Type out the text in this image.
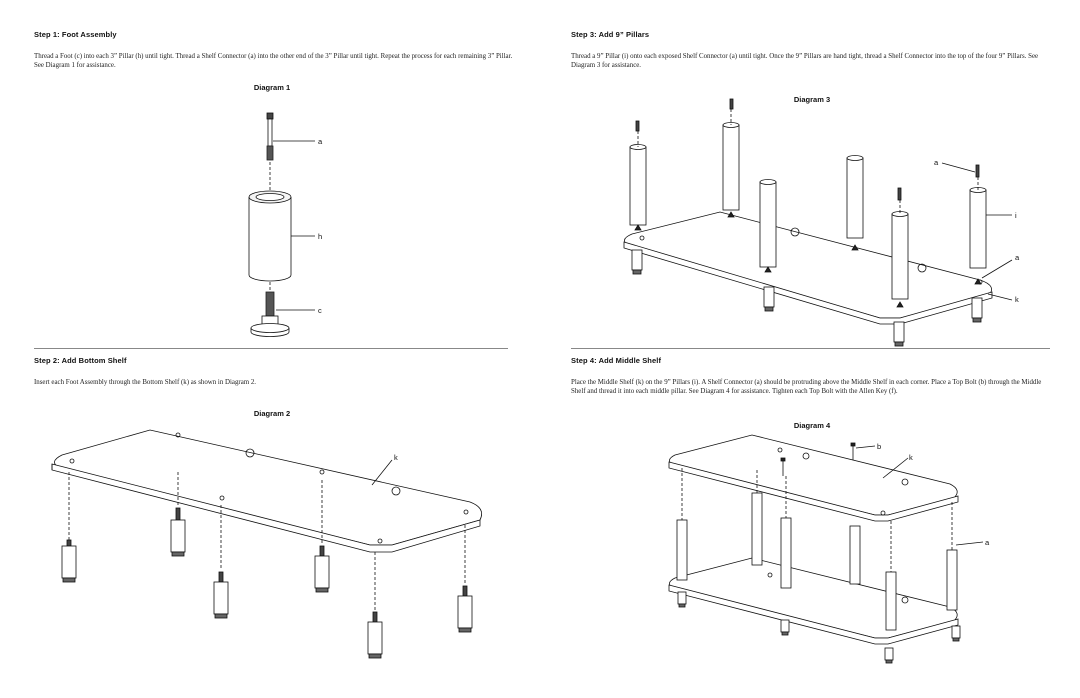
Step 1: Foot Assembly
Thread a Foot (c) into each 3” Pillar (h) until tight. Thread a Shelf Connector (a) into the other end of the 3” Pillar until tight. Repeat the process for each remaining 3” Pillar. See Diagram 1 for assistance.
Diagram 1
a
h
c
Step 2: Add Bottom Shelf
Insert each Foot Assembly through the Bottom Shelf (k) as shown in Diagram 2.
Diagram 2
k
Step 3: Add 9” Pillars
Thread a 9” Pillar (i) onto each exposed Shelf Connector (a) until tight. Once the 9” Pillars are hand tight, thread a Shelf Connector into the top of the four 9” Pillars. See Diagram 3 for assistance.
Diagram 3
a
i
a
k
Step 4: Add Middle Shelf
Place the Middle Shelf (k) on the 9” Pillars (i). A Shelf Connector (a) should be protruding above the Middle Shelf in each corner. Place a Top Bolt (b) through the Middle Shelf and thread it into each middle pillar. See Diagram 4 for assistance. Tighten each Top Bolt with the Allen Key (f).
Diagram 4
b
k
a
